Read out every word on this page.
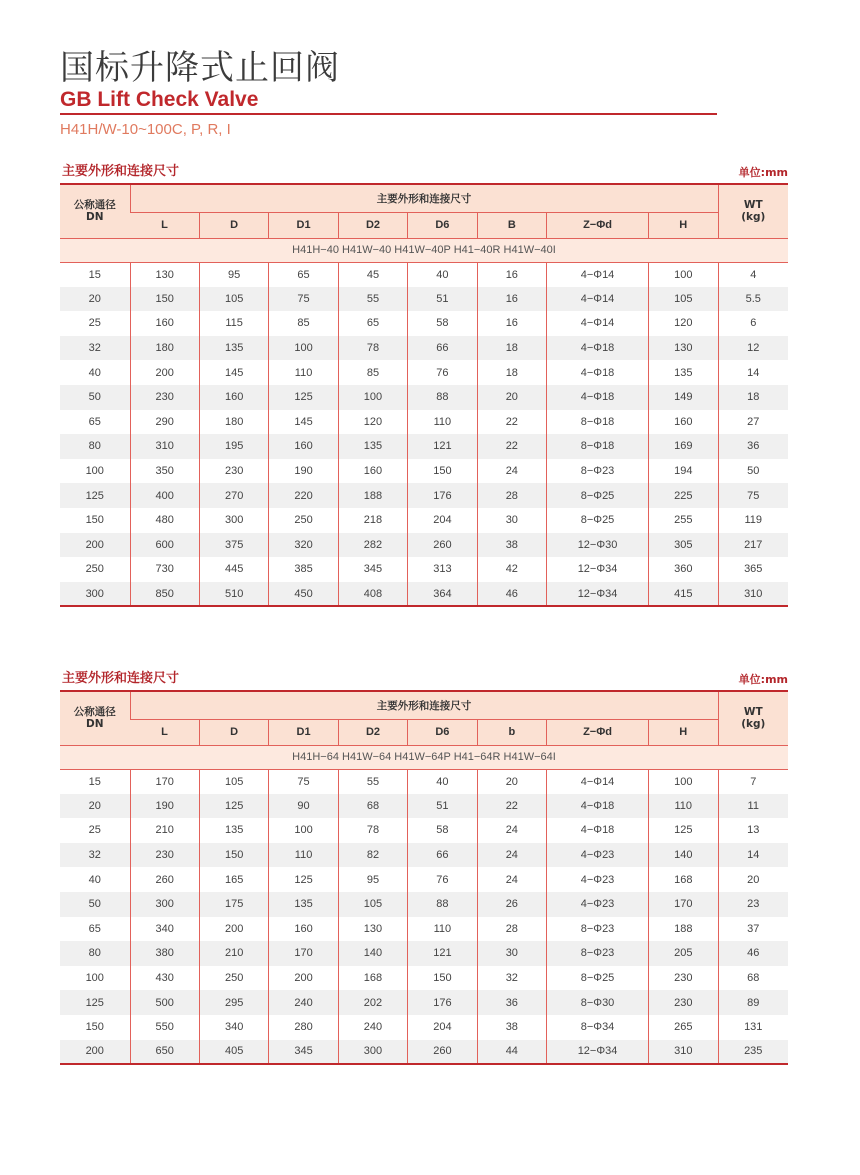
国标升降式止回阀
GB Lift Check Valve
H41H/W-10~100C, P, R, I
主要外形和连接尺寸	单位:mm
公称通径
DN	主要外形和连接尺寸								WT
(kg)
	L	D	D1	D2	D6	B	Z−Φd	H	
H41H−40 H41W−40 H41W−40P H41−40R H41W−40I									
15	130	95	65	45	40	16	4−Φ14	100	4
20	150	105	75	55	51	16	4−Φ14	105	5.5
25	160	115	85	65	58	16	4−Φ14	120	6
32	180	135	100	78	66	18	4−Φ18	130	12
40	200	145	110	85	76	18	4−Φ18	135	14
50	230	160	125	100	88	20	4−Φ18	149	18
65	290	180	145	120	110	22	8−Φ18	160	27
80	310	195	160	135	121	22	8−Φ18	169	36
100	350	230	190	160	150	24	8−Φ23	194	50
125	400	270	220	188	176	28	8−Φ25	225	75
150	480	300	250	218	204	30	8−Φ25	255	119
200	600	375	320	282	260	38	12−Φ30	305	217
250	730	445	385	345	313	42	12−Φ34	360	365
300	850	510	450	408	364	46	12−Φ34	415	310
主要外形和连接尺寸	单位:mm
公称通径
DN	主要外形和连接尺寸								WT
(kg)
	L	D	D1	D2	D6	b	Z−Φd	H	
H41H−64 H41W−64 H41W−64P H41−64R H41W−64I									
15	170	105	75	55	40	20	4−Φ14	100	7
20	190	125	90	68	51	22	4−Φ18	110	11
25	210	135	100	78	58	24	4−Φ18	125	13
32	230	150	110	82	66	24	4−Φ23	140	14
40	260	165	125	95	76	24	4−Φ23	168	20
50	300	175	135	105	88	26	4−Φ23	170	23
65	340	200	160	130	110	28	8−Φ23	188	37
80	380	210	170	140	121	30	8−Φ23	205	46
100	430	250	200	168	150	32	8−Φ25	230	68
125	500	295	240	202	176	36	8−Φ30	230	89
150	550	340	280	240	204	38	8−Φ34	265	131
200	650	405	345	300	260	44	12−Φ34	310	235
